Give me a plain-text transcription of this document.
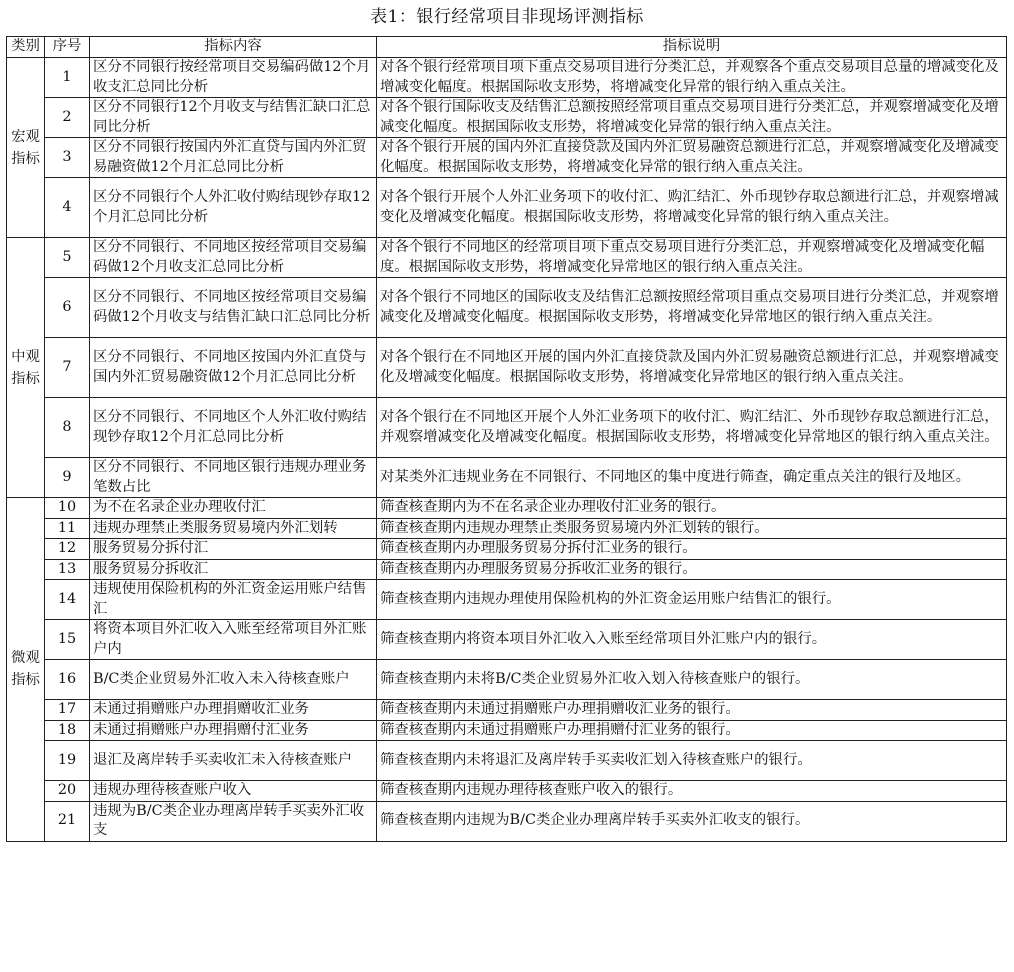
表1：银行经常项目非现场评测指标
类别	序号	指标内容	指标说明
宏观指标	1	区分不同银行按经常项目交易编码做12个月收支汇总同比分析	对各个银行经常项目项下重点交易项目进行分类汇总，并观察各个重点交易项目总量的增减变化及增减变化幅度。根据国际收支形势，将增减变化异常的银行纳入重点关注。
	2	区分不同银行12个月收支与结售汇缺口汇总同比分析	对各个银行国际收支及结售汇总额按照经常项目重点交易项目进行分类汇总，并观察增减变化及增减变化幅度。根据国际收支形势，将增减变化异常的银行纳入重点关注。
	3	区分不同银行按国内外汇直贷与国内外汇贸易融资做12个月汇总同比分析	对各个银行开展的国内外汇直接贷款及国内外汇贸易融资总额进行汇总，并观察增减变化及增减变化幅度。根据国际收支形势，将增减变化异常的银行纳入重点关注。
	4	区分不同银行个人外汇收付购结现钞存取12个月汇总同比分析	对各个银行开展个人外汇业务项下的收付汇、购汇结汇、外币现钞存取总额进行汇总，并观察增减变化及增减变化幅度。根据国际收支形势，将增减变化异常的银行纳入重点关注。
中观指标	5	区分不同银行、不同地区按经常项目交易编码做12个月收支汇总同比分析	对各个银行不同地区的经常项目项下重点交易项目进行分类汇总，并观察增减变化及增减变化幅度。根据国际收支形势，将增减变化异常地区的银行纳入重点关注。
	6	区分不同银行、不同地区按经常项目交易编码做12个月收支与结售汇缺口汇总同比分析	对各个银行不同地区的国际收支及结售汇总额按照经常项目重点交易项目进行分类汇总，并观察增减变化及增减变化幅度。根据国际收支形势，将增减变化异常地区的银行纳入重点关注。
	7	区分不同银行、不同地区按国内外汇直贷与国内外汇贸易融资做12个月汇总同比分析	对各个银行在不同地区开展的国内外汇直接贷款及国内外汇贸易融资总额进行汇总，并观察增减变化及增减变化幅度。根据国际收支形势，将增减变化异常地区的银行纳入重点关注。
	8	区分不同银行、不同地区个人外汇收付购结现钞存取12个月汇总同比分析	对各个银行在不同地区开展个人外汇业务项下的收付汇、购汇结汇、外币现钞存取总额进行汇总，并观察增减变化及增减变化幅度。根据国际收支形势，将增减变化异常地区的银行纳入重点关注。
	9	区分不同银行、不同地区银行违规办理业务笔数占比	对某类外汇违规业务在不同银行、不同地区的集中度进行筛查，确定重点关注的银行及地区。
微观指标	10	为不在名录企业办理收付汇	筛查核查期内为不在名录企业办理收付汇业务的银行。
	11	违规办理禁止类服务贸易境内外汇划转	筛查核查期内违规办理禁止类服务贸易境内外汇划转的银行。
	12	服务贸易分拆付汇	筛查核查期内办理服务贸易分拆付汇业务的银行。
	13	服务贸易分拆收汇	筛查核查期内办理服务贸易分拆收汇业务的银行。
	14	违规使用保险机构的外汇资金运用账户结售汇	筛查核查期内违规办理使用保险机构的外汇资金运用账户结售汇的银行。
	15	将资本项目外汇收入入账至经常项目外汇账户内	筛查核查期内将资本项目外汇收入入账至经常项目外汇账户内的银行。
	16	B/C类企业贸易外汇收入未入待核查账户	筛查核查期内未将B/C类企业贸易外汇收入划入待核查账户的银行。
	17	未通过捐赠账户办理捐赠收汇业务	筛查核查期内未通过捐赠账户办理捐赠收汇业务的银行。
	18	未通过捐赠账户办理捐赠付汇业务	筛查核查期内未通过捐赠账户办理捐赠付汇业务的银行。
	19	退汇及离岸转手买卖收汇未入待核查账户	筛查核查期内未将退汇及离岸转手买卖收汇划入待核查账户的银行。
	20	违规办理待核查账户收入	筛查核查期内违规办理待核查账户收入的银行。
	21	违规为B/C类企业办理离岸转手买卖外汇收支	筛查核查期内违规为B/C类企业办理离岸转手买卖外汇收支的银行。
